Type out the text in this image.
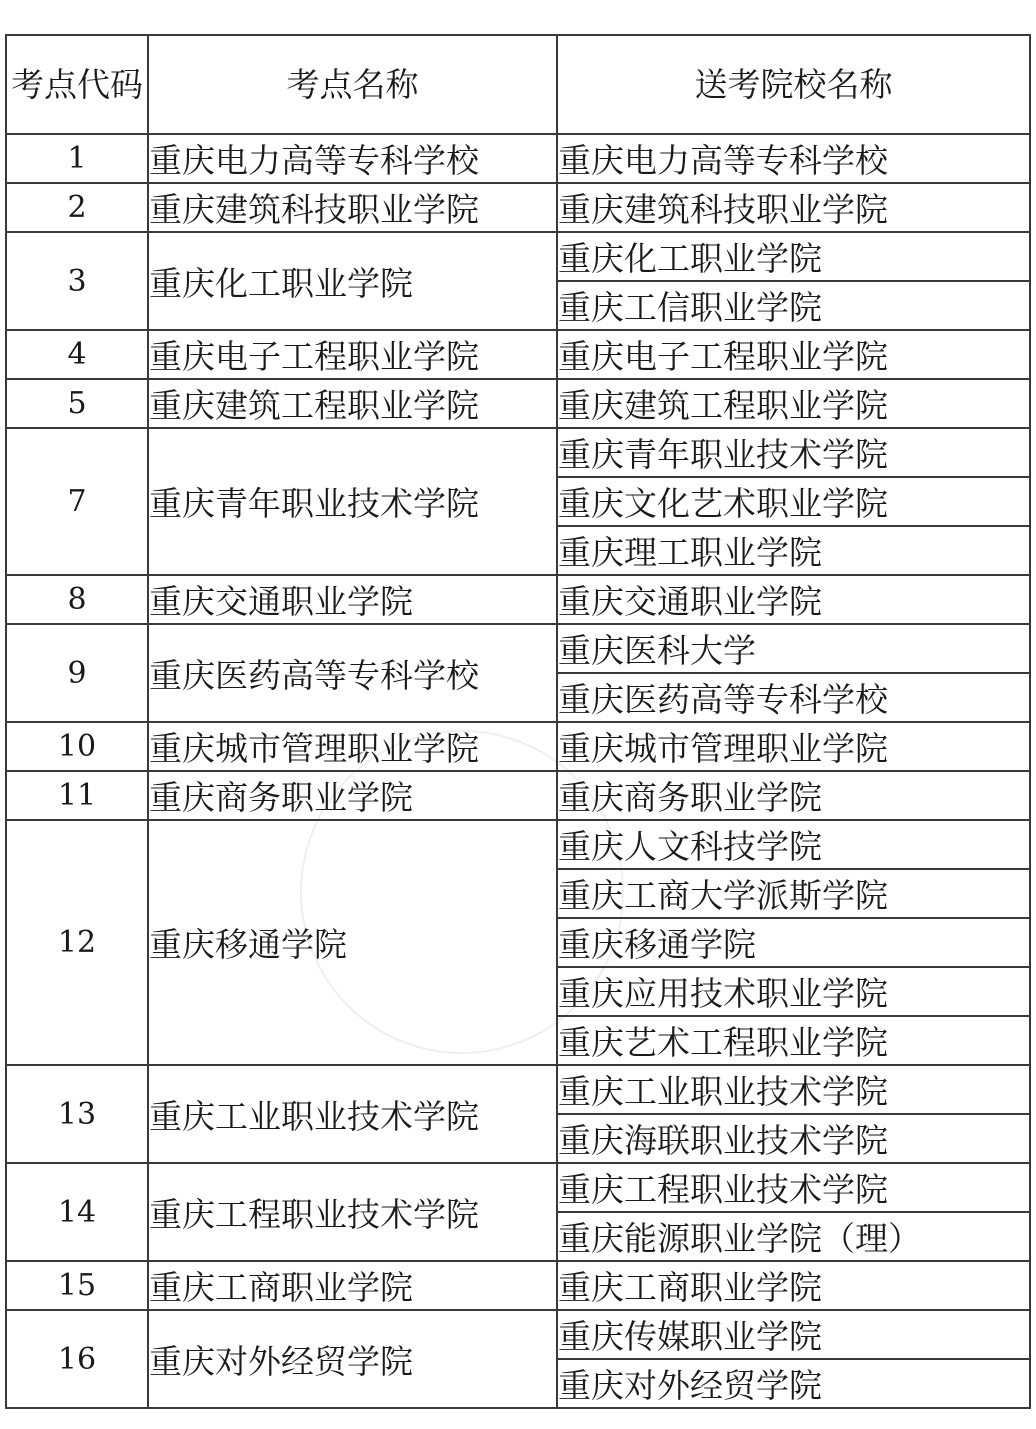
考点代码	考点名称	送考院校名称
1	重庆电力高等专科学校	重庆电力高等专科学校
2	重庆建筑科技职业学院	重庆建筑科技职业学院
3	重庆化工职业学院	重庆化工职业学院
		重庆工信职业学院
4	重庆电子工程职业学院	重庆电子工程职业学院
5	重庆建筑工程职业学院	重庆建筑工程职业学院
7	重庆青年职业技术学院	重庆青年职业技术学院
		重庆文化艺术职业学院
		重庆理工职业学院
8	重庆交通职业学院	重庆交通职业学院
9	重庆医药高等专科学校	重庆医科大学
		重庆医药高等专科学校
10	重庆城市管理职业学院	重庆城市管理职业学院
11	重庆商务职业学院	重庆商务职业学院
12	重庆移通学院	重庆人文科技学院
		重庆工商大学派斯学院
		重庆移通学院
		重庆应用技术职业学院
		重庆艺术工程职业学院
13	重庆工业职业技术学院	重庆工业职业技术学院
		重庆海联职业技术学院
14	重庆工程职业技术学院	重庆工程职业技术学院
		重庆能源职业学院（理）
15	重庆工商职业学院	重庆工商职业学院
16	重庆对外经贸学院	重庆传媒职业学院
		重庆对外经贸学院
